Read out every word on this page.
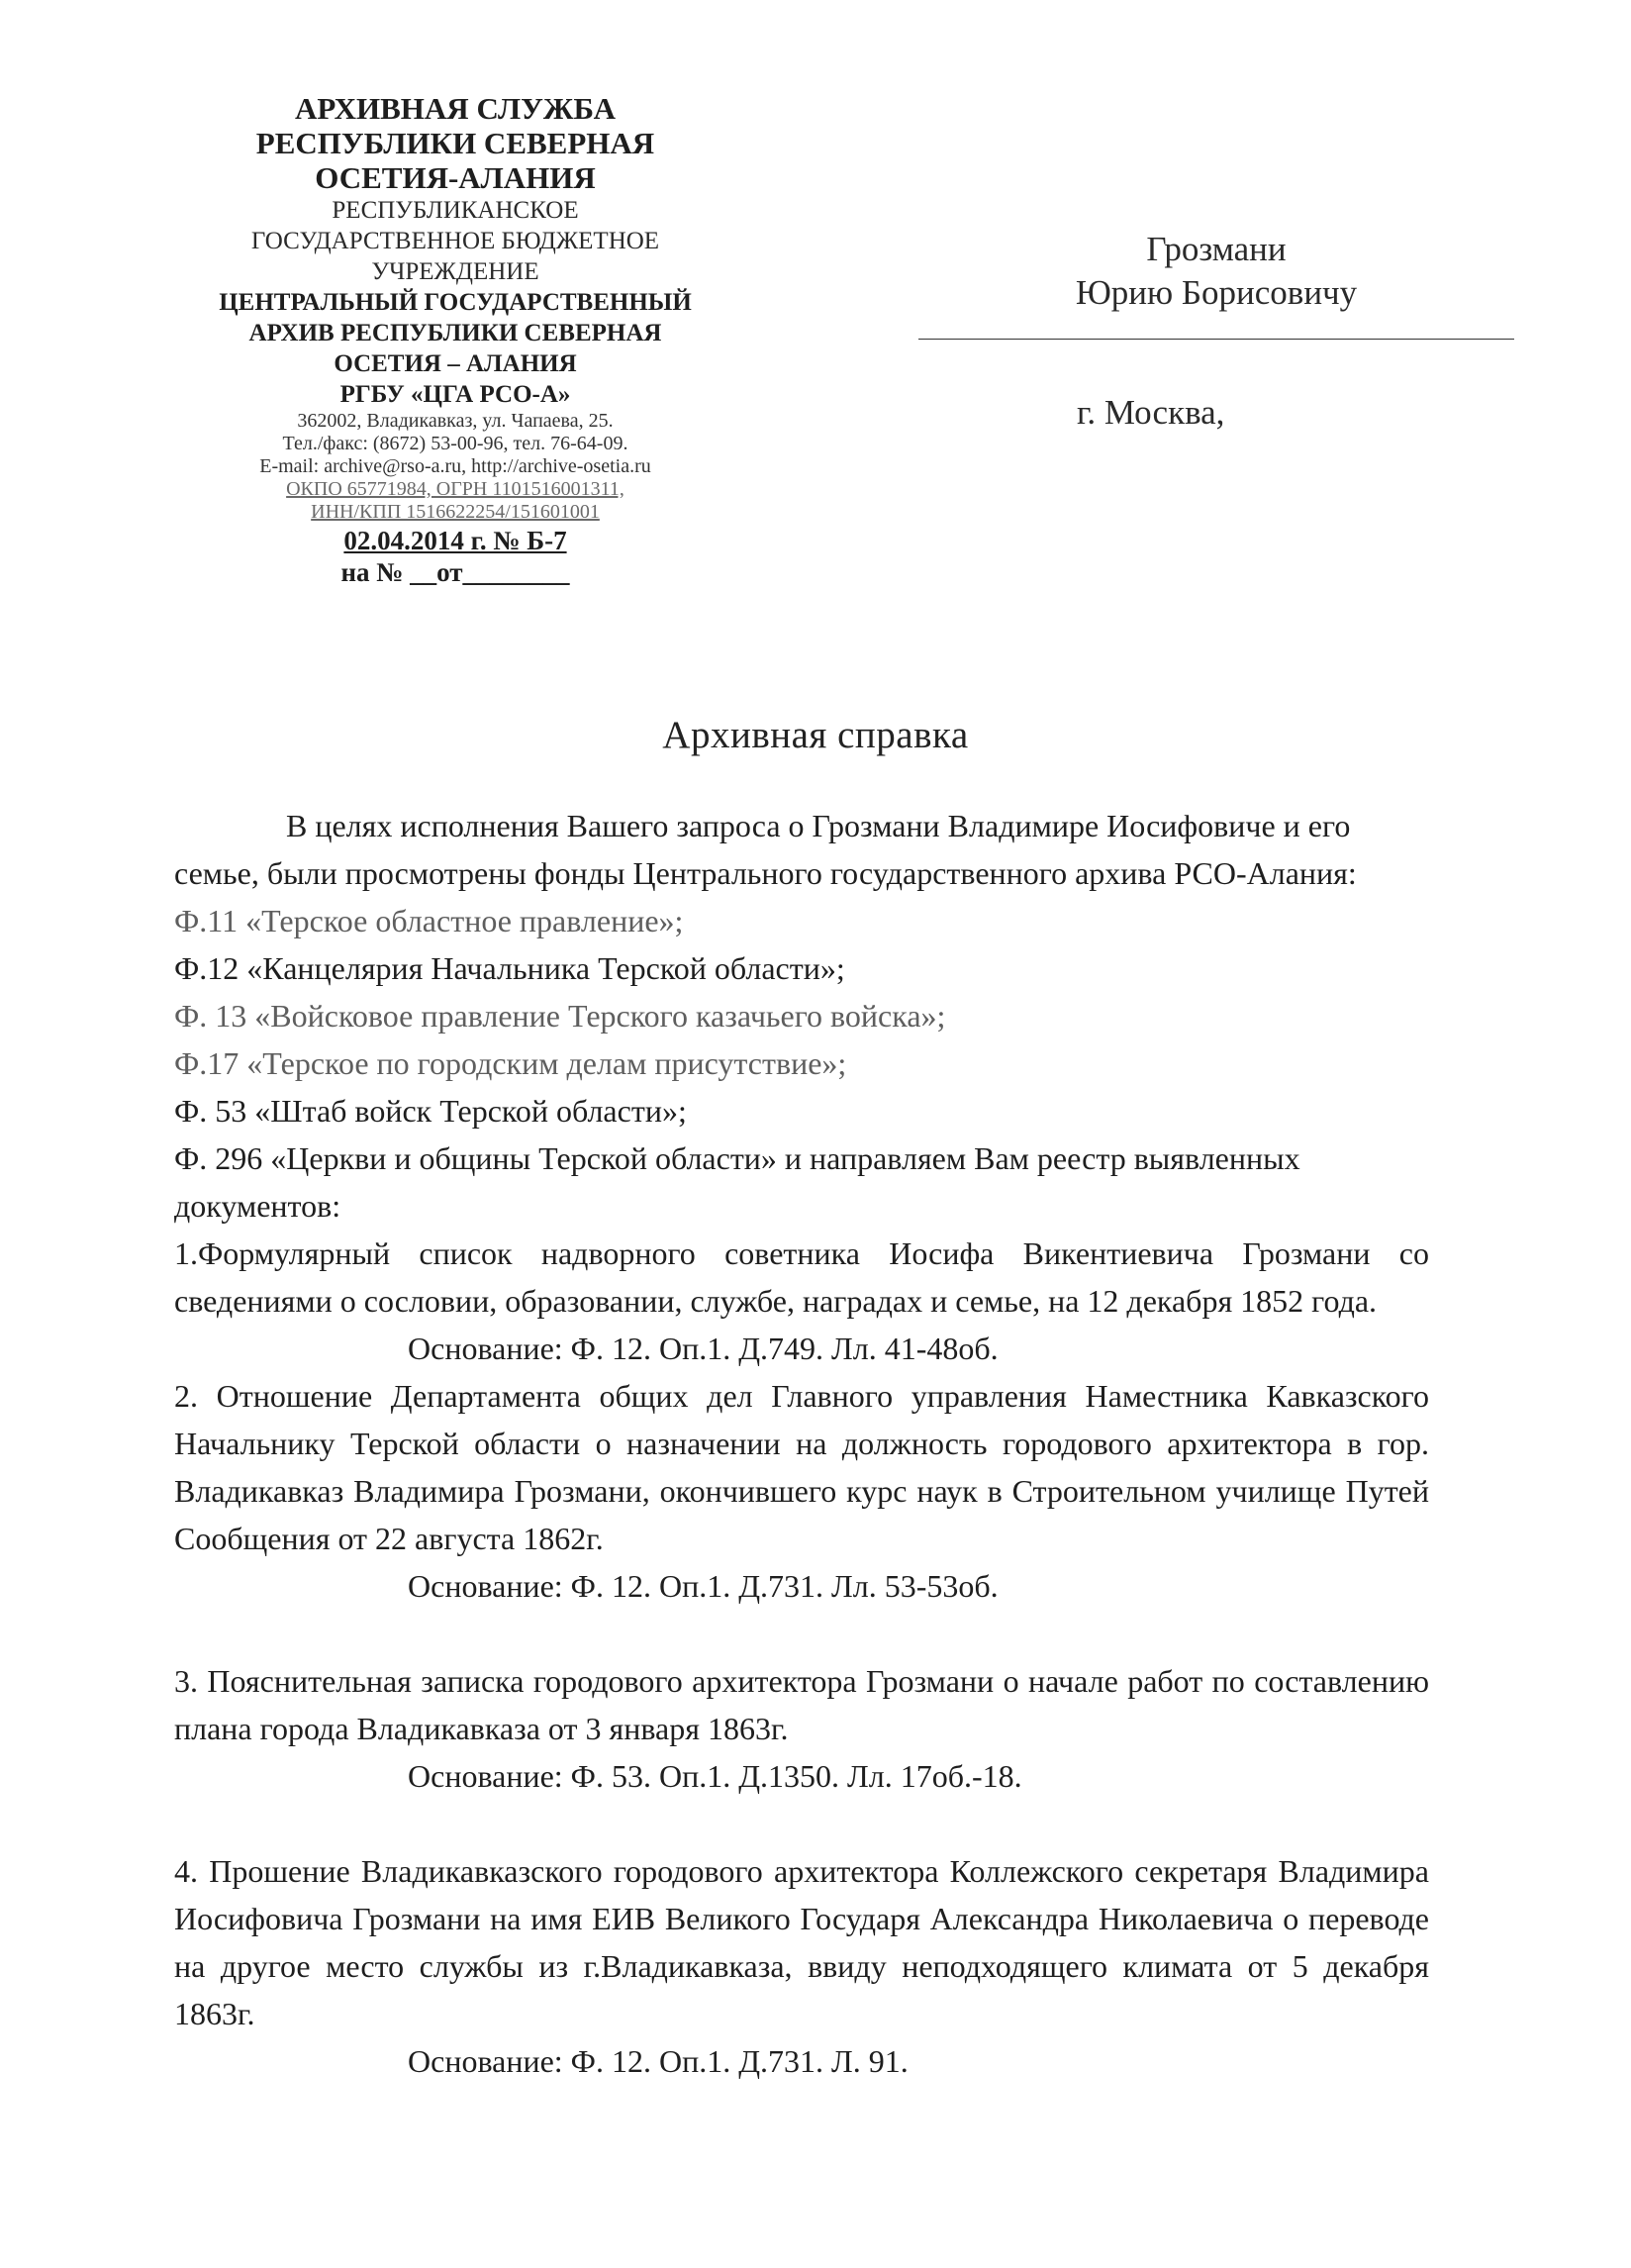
АРХИВНАЯ СЛУЖБА
РЕСПУБЛИКИ СЕВЕРНАЯ
ОСЕТИЯ-АЛАНИЯ
РЕСПУБЛИКАНСКОЕ
ГОСУДАРСТВЕННОЕ БЮДЖЕТНОЕ
УЧРЕЖДЕНИЕ
ЦЕНТРАЛЬНЫЙ ГОСУДАРСТВЕННЫЙ
АРХИВ РЕСПУБЛИКИ СЕВЕРНАЯ
ОСЕТИЯ – АЛАНИЯ
РГБУ «ЦГА РСО-А»
362002, Владикавказ, ул. Чапаева, 25.
Тел./факс: (8672) 53-00-96, тел. 76-64-09.
E-mail: archive@rso-a.ru, http://archive-osetia.ru
ОКПО 65771984, ОГРН 1101516001311,
ИНН/КПП 1516622254/151601001
02.04.2014 г. № Б-7
на № __от________
Грозмани
Юрию Борисовичу
г. Москва,
Архивная справка

В целях исполнения Вашего запроса о Грозмани Владимире Иосифовиче и его семье, были просмотрены фонды Центрального государственного архива РСО-Алания:

Ф.11 «Терское областное правление»;
Ф.12 «Канцелярия Начальника Терской области»;
Ф. 13 «Войсковое правление Терского казачьего войска»;
Ф.17 «Терское по городским делам присутствие»;
Ф. 53 «Штаб войск Терской области»;
Ф. 296 «Церкви и общины Терской области» и направляем Вам реестр выявленных документов:

1.Формулярный список надворного советника Иосифа Викентиевича Грозмани со сведениями о сословии, образовании, службе, наградах и семье, на 12 декабря 1852 года.

Основание: Ф. 12. Оп.1. Д.749. Лл. 41-48об.

2. Отношение Департамента общих дел Главного управления Наместника Кавказского Начальнику Терской области о назначении на должность городового архитектора в гор. Владикавказ Владимира Грозмани, окончившего курс наук в Строительном училище Путей Сообщения от 22 августа 1862г.

Основание: Ф. 12. Оп.1. Д.731. Лл. 53-53об.

3. Пояснительная записка городового архитектора Грозмани о начале работ по составлению плана города Владикавказа от 3 января 1863г.

Основание: Ф. 53. Оп.1. Д.1350. Лл. 17об.-18.

4. Прошение Владикавказского городового архитектора Коллежского секретаря Владимира Иосифовича Грозмани на имя ЕИВ Великого Государя Александра Николаевича о переводе на другое место службы из г.Владикавказа, ввиду неподходящего климата от 5 декабря 1863г.

Основание: Ф. 12. Оп.1. Д.731. Л. 91.
